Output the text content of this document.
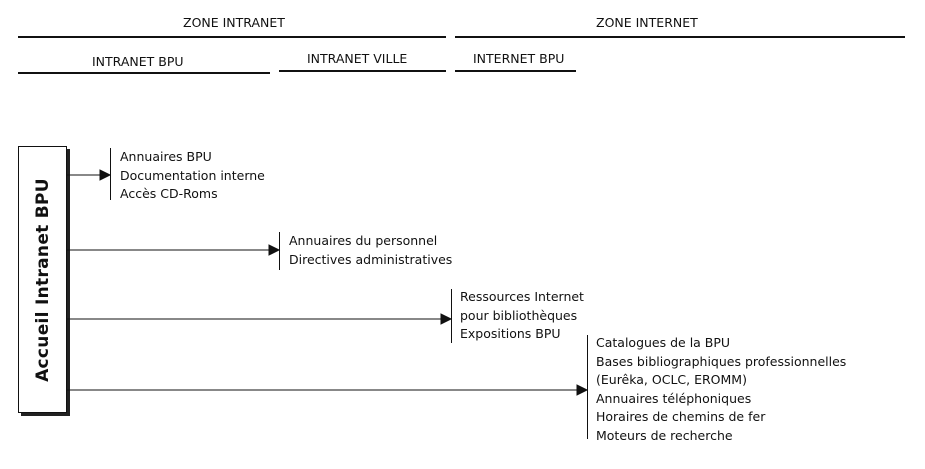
ZONE INTRANET	ZONE INTERNET
INTRANET BPU	INTRANET VILLE	INTERNET BPU
Accueil Intranet BPU
Annuaires BPU
Documentation interne
Accès CD-Roms
Annuaires du personnel
Directives administratives
Ressources Internet
pour bibliothèques
Expositions BPU
Catalogues de la BPU
Bases bibliographiques professionnelles
(Eurêka, OCLC, EROMM)
Annuaires téléphoniques
Horaires de chemins de fer
Moteurs de recherche
